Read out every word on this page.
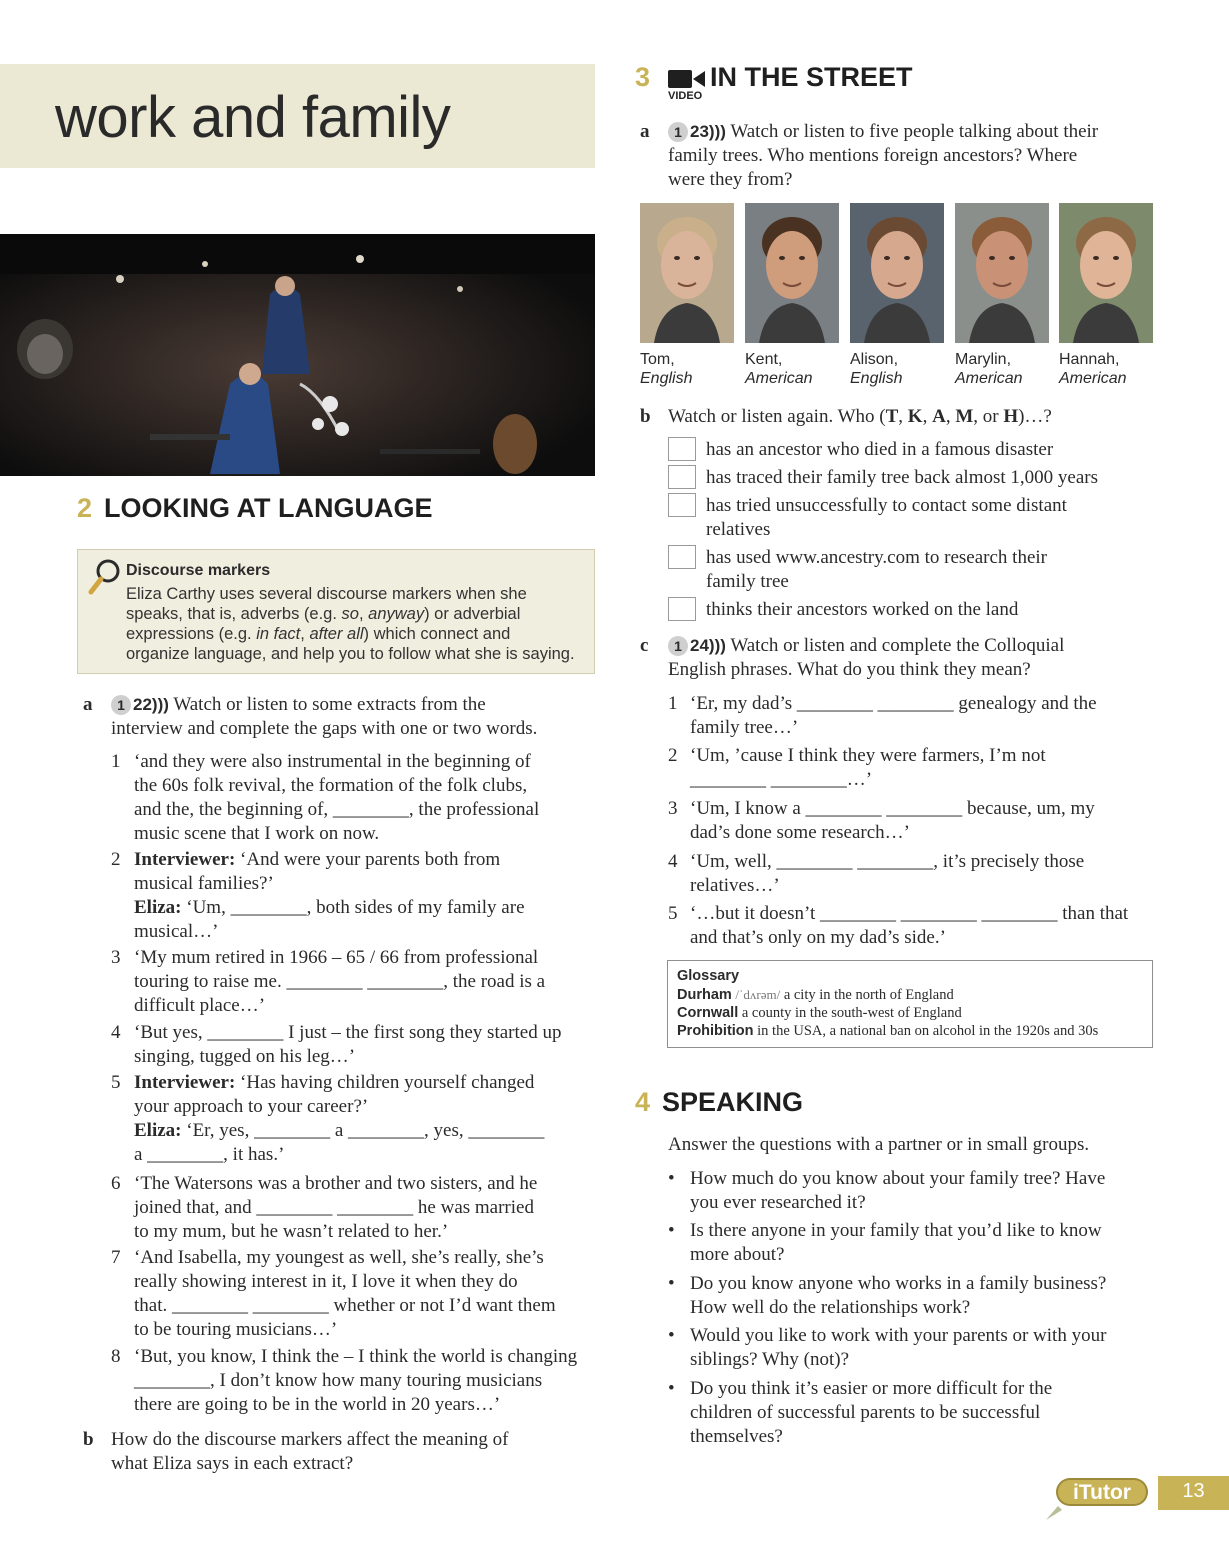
work and family
2 LOOKING AT LANGUAGE
Discourse markers
Eliza Carthy uses several discourse markers when she
speaks, that is, adverbs (e.g. so, anyway) or adverbial
expressions (e.g. in fact, after all) which connect and
organize language, and help you to follow what she is saying.
a	1 22))) Watch or listen to some extracts from the
interview and complete the gaps with one or two words.
1 ‘and they were also instrumental in the beginning of
the 60s folk revival, the formation of the folk clubs,
and the, the beginning of, ________, the professional
music scene that I work on now.
2 Interviewer: ‘And were your parents both from
musical families?’
Eliza: ‘Um, ________, both sides of my family are
musical…’
3 ‘My mum retired in 1966 – 65 / 66 from professional
touring to raise me. ________ ________, the road is a
difficult place…’
4 ‘But yes, ________ I just – the first song they started up
singing, tugged on his leg…’
5 Interviewer: ‘Has having children yourself changed
your approach to your career?’
Eliza: ‘Er, yes, ________ a ________, yes, ________
a ________, it has.’
6 ‘The Watersons was a brother and two sisters, and he
joined that, and ________ ________ he was married
to my mum, but he wasn’t related to her.’
7 ‘And Isabella, my youngest as well, she’s really, she’s
really showing interest in it, I love it when they do
that. ________ ________ whether or not I’d want them
to be touring musicians…’
8 ‘But, you know, I think the – I think the world is changing
________, I don’t know how many touring musicians
there are going to be in the world in 20 years…’
b How do the discourse markers affect the meaning of
what Eliza says in each extract?
3 IN THE STREET
VIDEO
a	1 23))) Watch or listen to five people talking about their
family trees. Who mentions foreign ancestors? Where
were they from?
Tom,
English
Kent,
American
Alison,
English
Marylin,
American
Hannah,
American
b Watch or listen again. Who (T, K, A, M, or H)…?
has an ancestor who died in a famous disaster
has traced their family tree back almost 1,000 years
has tried unsuccessfully to contact some distant
relatives
has used www.ancestry.com to research their
family tree
thinks their ancestors worked on the land
c	1 24))) Watch or listen and complete the Colloquial
English phrases. What do you think they mean?
1 ‘Er, my dad’s ________ ________ genealogy and the
family tree…’
2 ‘Um, ’cause I think they were farmers, I’m not
________ ________…’
3 ‘Um, I know a ________ ________ because, um, my
dad’s done some research…’
4 ‘Um, well, ________ ________, it’s precisely those
relatives…’
5 ‘…but it doesn’t ________ ________ ________ than that
and that’s only on my dad’s side.’
Glossary
Durham /ˈdʌrəm/ a city in the north of England
Cornwall a county in the south-west of England
Prohibition in the USA, a national ban on alcohol in the 1920s and 30s
4 SPEAKING
Answer the questions with a partner or in small groups.
• How much do you know about your family tree? Have
you ever researched it?
• Is there anyone in your family that you’d like to know
more about?
• Do you know anyone who works in a family business?
How well do the relationships work?
• Would you like to work with your parents or with your
siblings? Why (not)?
• Do you think it’s easier or more difficult for the
children of successful parents to be successful
themselves?
iTutor	13
